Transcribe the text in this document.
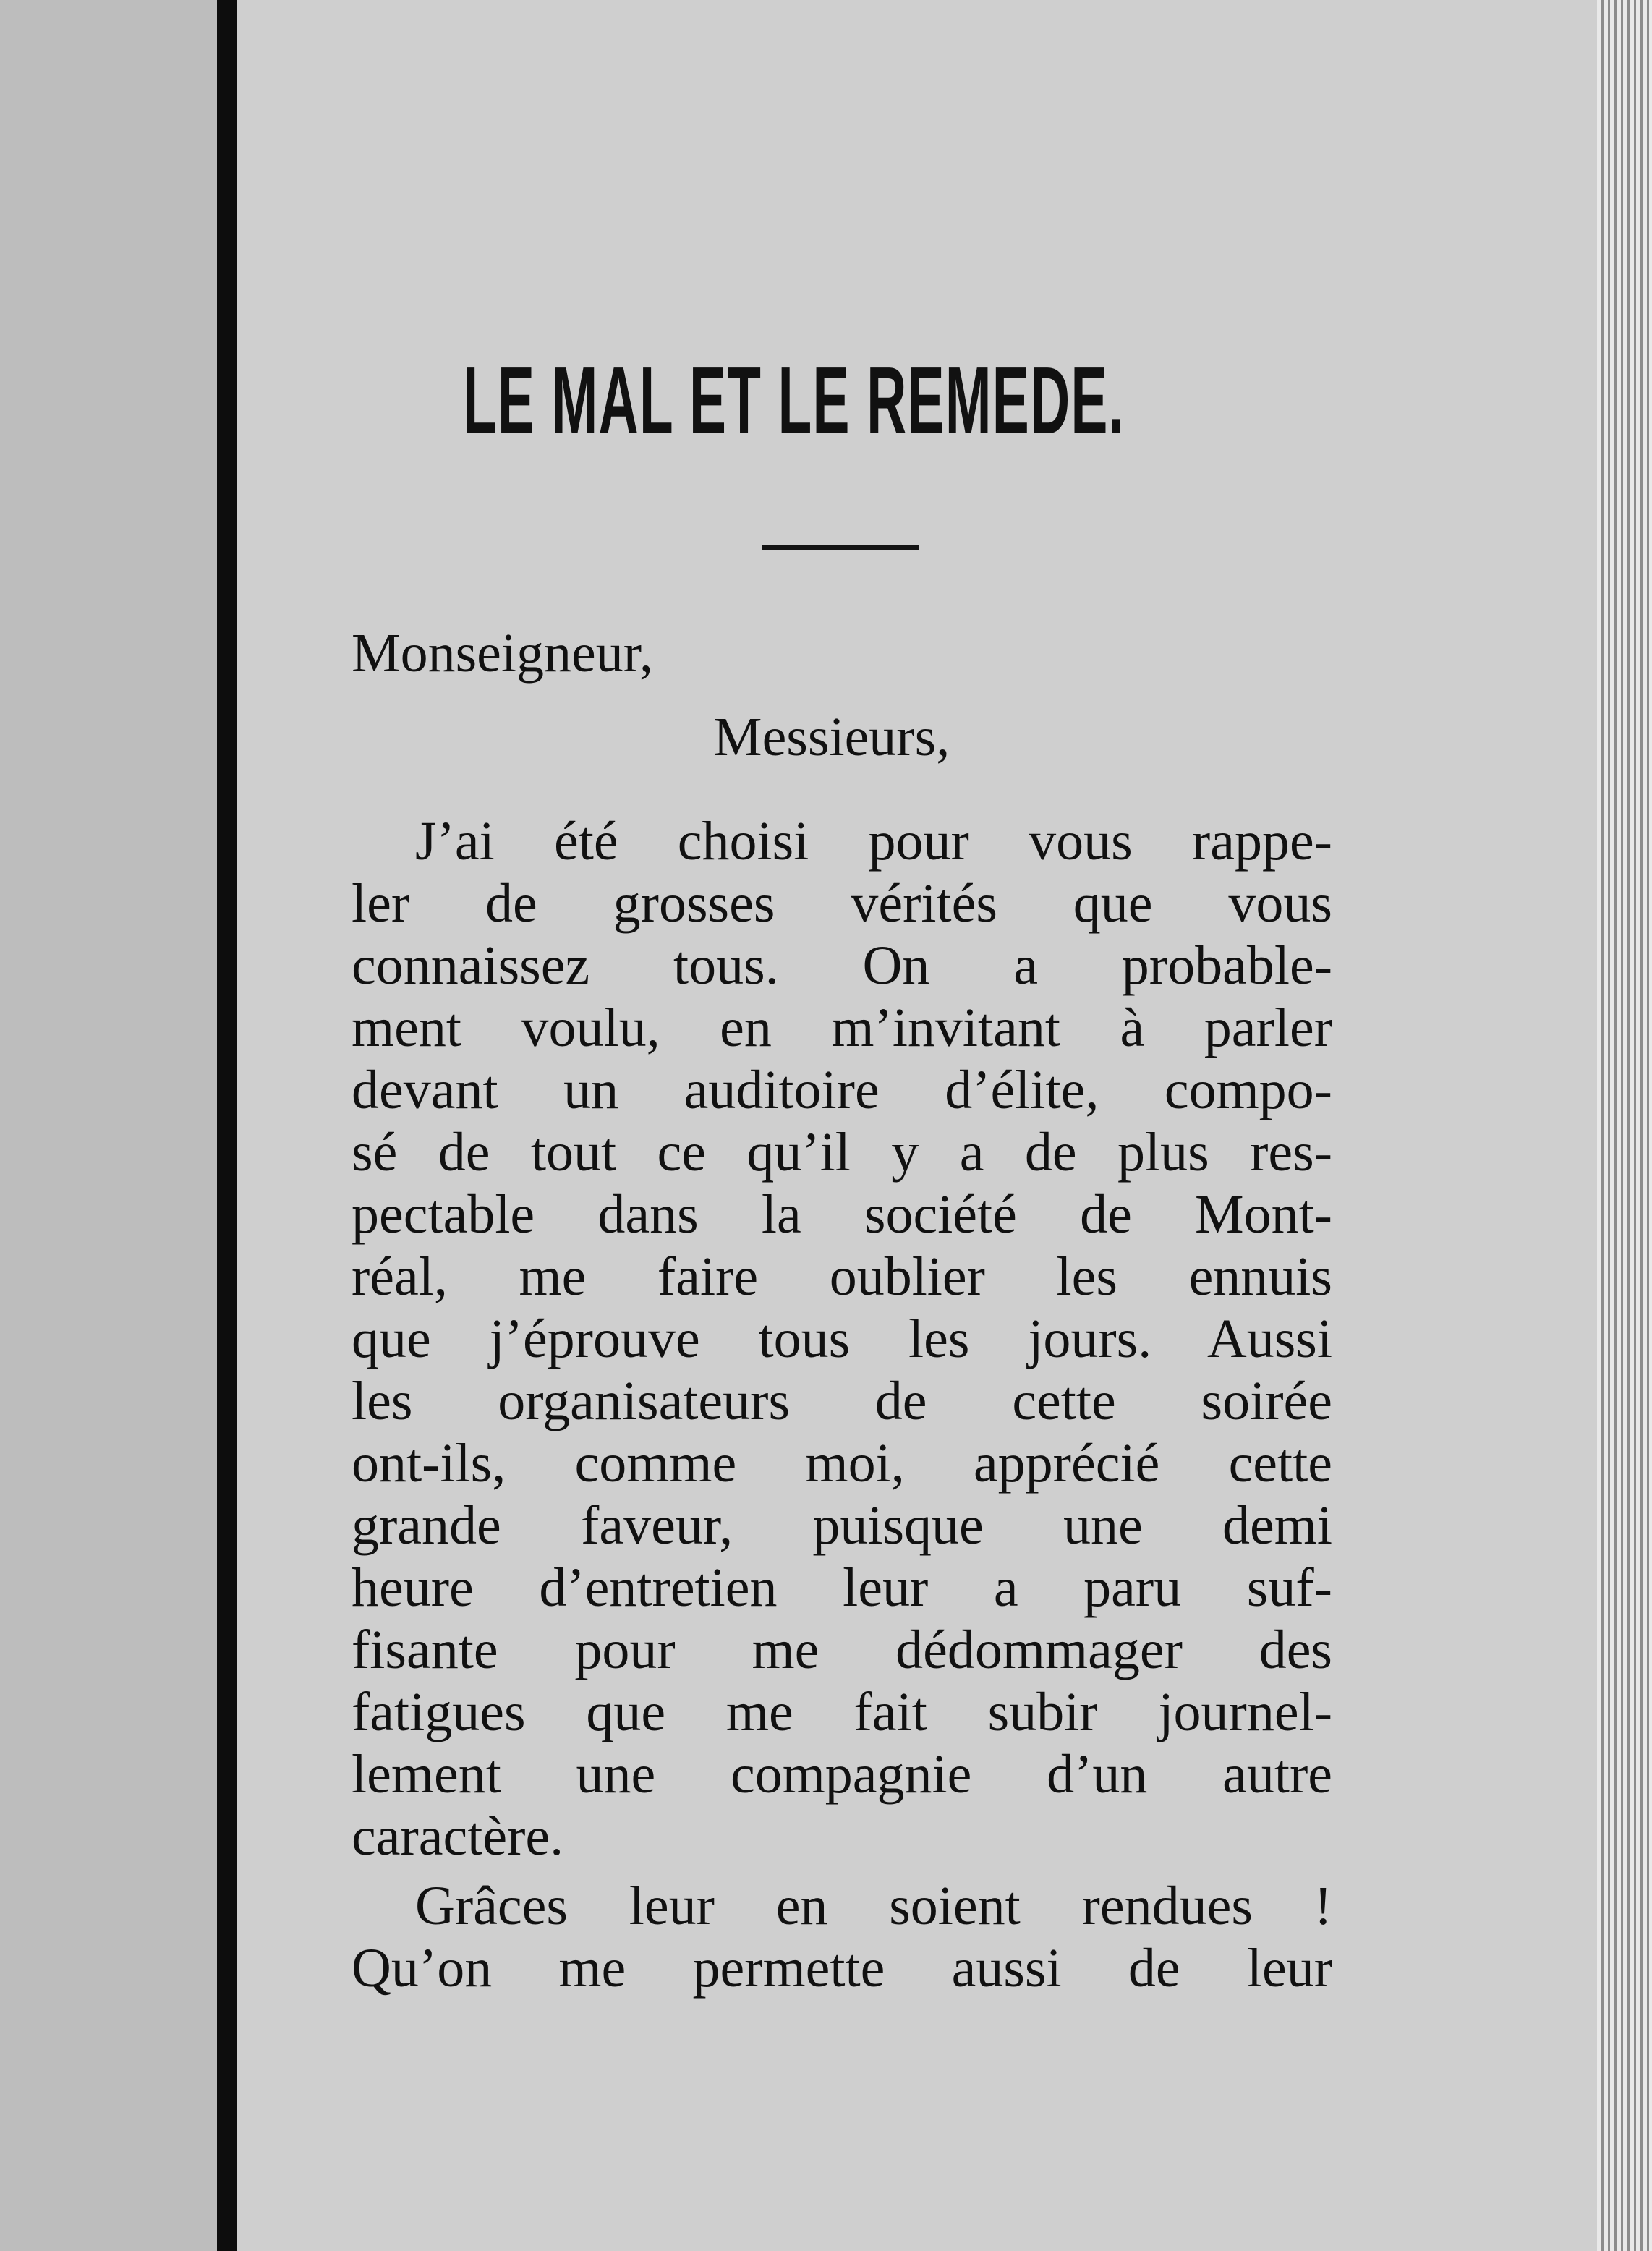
LE MAL ET LE REMEDE.

Monseigneur,

Messieurs,

J’ai été choisi pour vous rappe-

ler de grosses vérités que vous

connaissez tous. On a probable-

ment voulu, en m’invitant à parler

devant un auditoire d’élite, compo-

sé de tout ce qu’il y a de plus res-

pectable dans la société de Mont-

réal, me faire oublier les ennuis

que j’éprouve tous les jours. Aussi

les organisateurs de cette soirée

ont-ils, comme moi, apprécié cette

grande faveur, puisque une demi

heure d’entretien leur a paru suf-

fisante pour me dédommager des

fatigues que me fait subir journel-

lement une compagnie d’un autre

caractère.

Grâces leur en soient rendues !

Qu’on me permette aussi de leur
